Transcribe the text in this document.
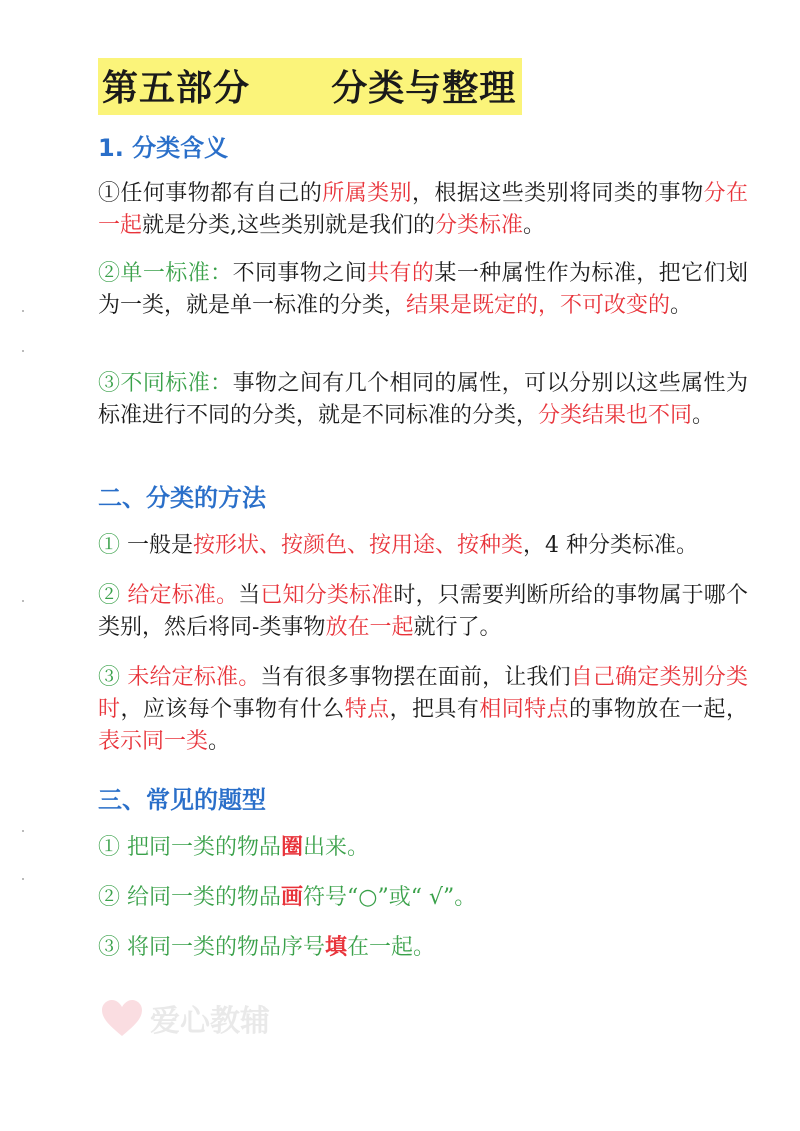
第五部分      分类与整理
1. 分类含义
①任何事物都有自己的所属类别，根据这些类别将同类的事物分在一起就是分类,这些类别就是我们的分类标准。
②单一标准：不同事物之间共有的某一种属性作为标准，把它们划为一类，就是单一标准的分类，结果是既定的，不可改变的。
③不同标准：事物之间有几个相同的属性，可以分别以这些属性为标准进行不同的分类，就是不同标准的分类，分类结果也不同。
二、分类的方法
① 一般是按形状、按颜色、按用途、按种类，4 种分类标准。
② 给定标准。当已知分类标准时，只需要判断所给的事物属于哪个类别，然后将同-类事物放在一起就行了。
③ 未给定标准。当有很多事物摆在面前，让我们自己确定类别分类时，应该每个事物有什么特点，把具有相同特点的事物放在一起，表示同一类。
三、常见的题型
① 把同一类的物品圈出来。
② 给同一类的物品画符号“○”或“ √”。
③ 将同一类的物品序号填在一起。
爱心教辅
